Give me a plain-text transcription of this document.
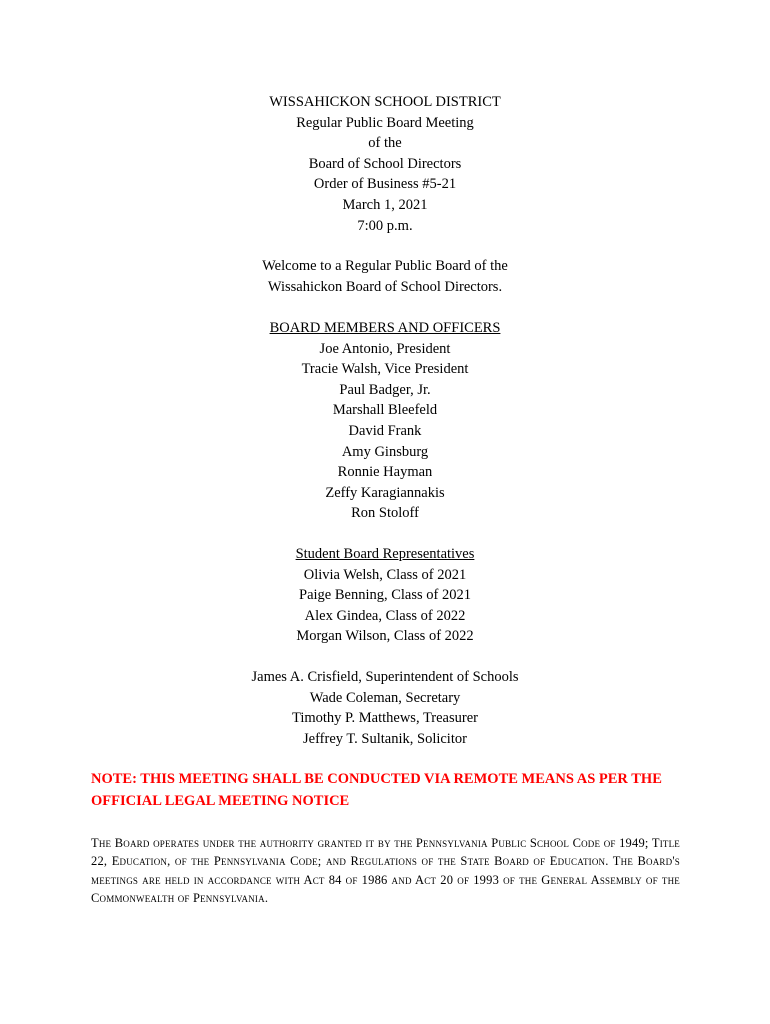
WISSAHICKON SCHOOL DISTRICT
Regular Public Board Meeting
of the
Board of School Directors
Order of Business #5-21
March 1, 2021
7:00 p.m.
Welcome to a Regular Public Board of the
Wissahickon Board of School Directors.
BOARD MEMBERS AND OFFICERS
Joe Antonio, President
Tracie Walsh, Vice President
Paul Badger, Jr.
Marshall Bleefeld
David Frank
Amy Ginsburg
Ronnie Hayman
Zeffy Karagiannakis
Ron Stoloff
Student Board Representatives
Olivia Welsh, Class of 2021
Paige Benning, Class of 2021
Alex Gindea, Class of 2022
Morgan Wilson, Class of 2022
James A. Crisfield, Superintendent of Schools
Wade Coleman, Secretary
Timothy P. Matthews, Treasurer
Jeffrey T. Sultanik, Solicitor
NOTE: THIS MEETING SHALL BE CONDUCTED VIA REMOTE MEANS AS PER THE OFFICIAL LEGAL MEETING NOTICE
The Board operates under the authority granted it by the Pennsylvania Public School Code of 1949; Title 22, Education, of the Pennsylvania Code; and Regulations of the State Board of Education. The Board's meetings are held in accordance with Act 84 of 1986 and Act 20 of 1993 of the General Assembly of the Commonwealth of Pennsylvania.
